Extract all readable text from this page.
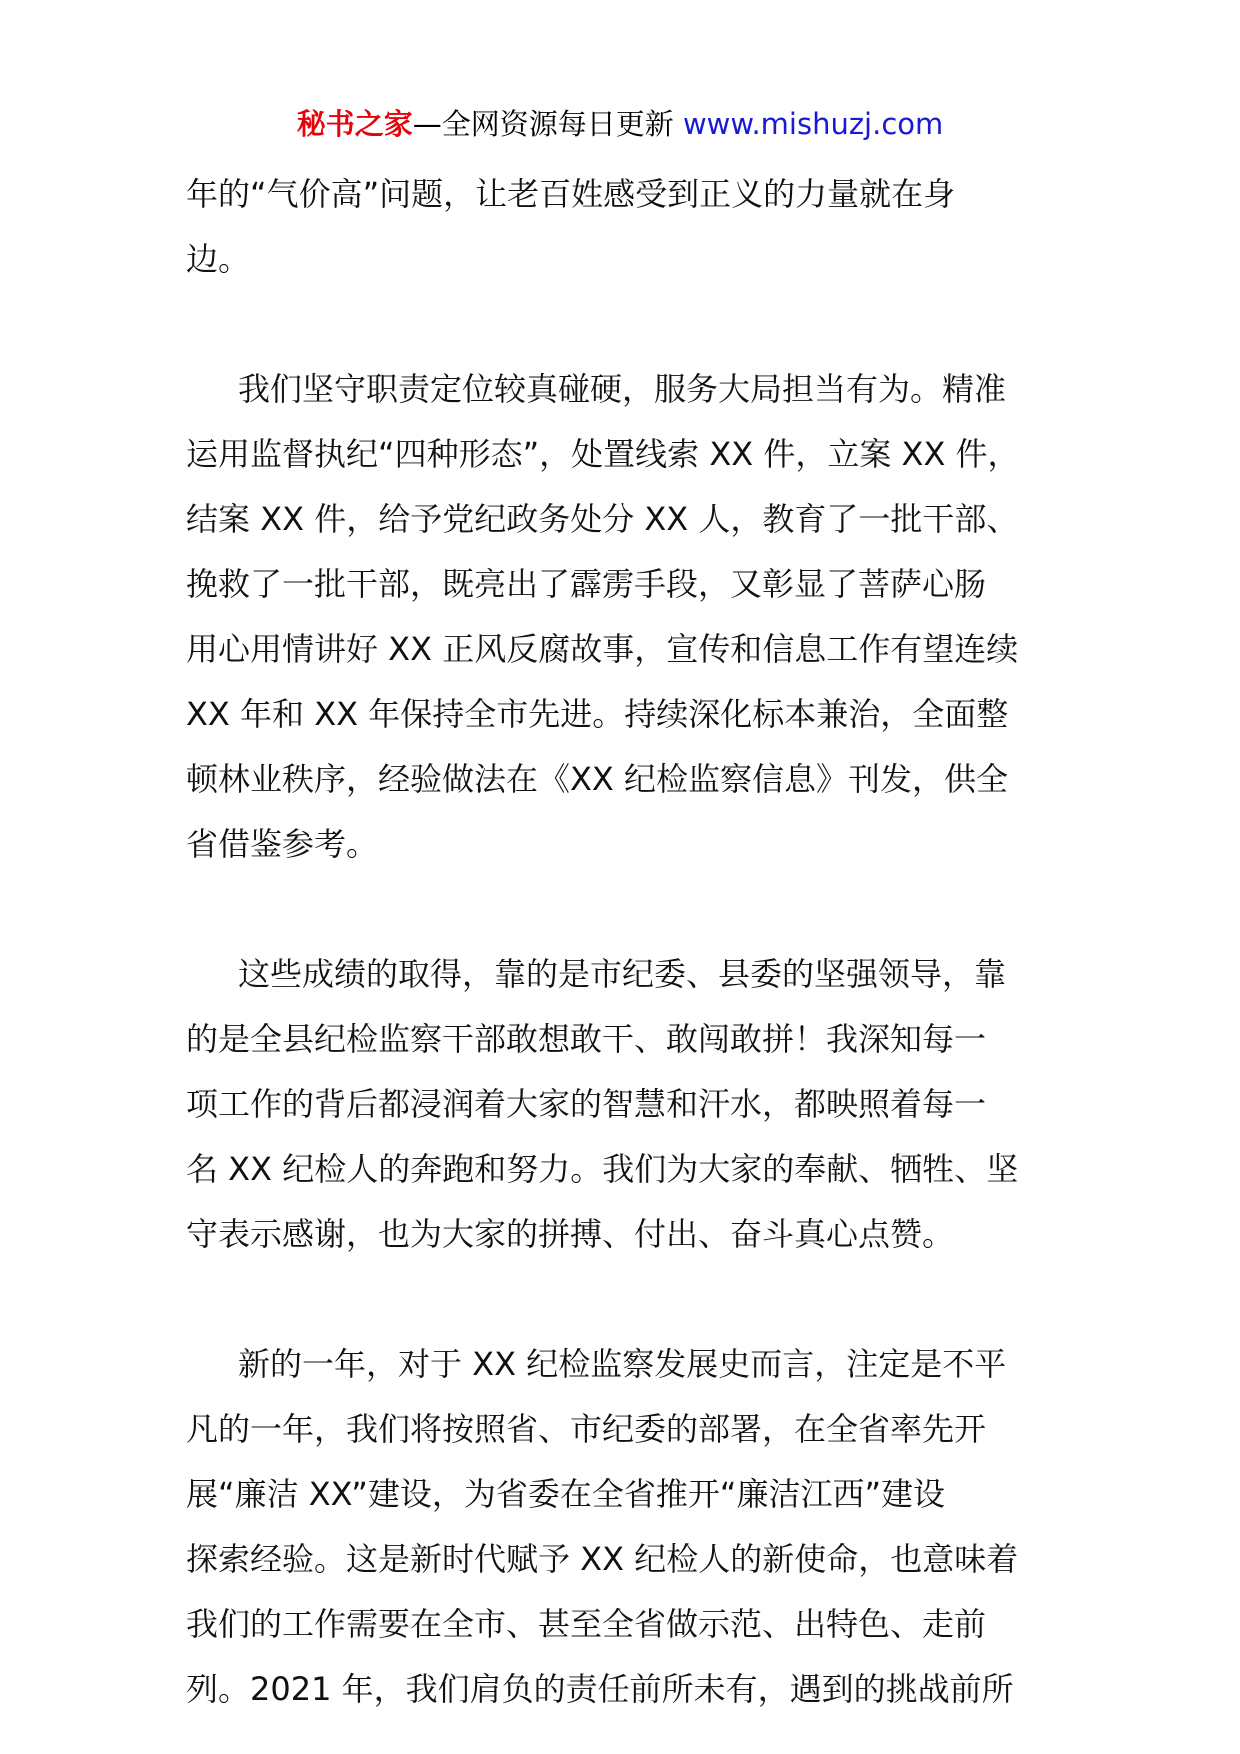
秘书之家—全网资源每日更新 www.mishuzj.com
年的“气价高”问题，让老百姓感受到正义的力量就在身
边。
我们坚守职责定位较真碰硬，服务大局担当有为。精准
运用监督执纪“四种形态”，处置线索 XX 件，立案 XX 件，
结案 XX 件，给予党纪政务处分 XX 人，教育了一批干部、
挽救了一批干部，既亮出了霹雳手段，又彰显了菩萨心肠
用心用情讲好 XX 正风反腐故事，宣传和信息工作有望连续
XX 年和 XX 年保持全市先进。持续深化标本兼治，全面整
顿林业秩序，经验做法在《XX 纪检监察信息》刊发，供全
省借鉴参考。
这些成绩的取得，靠的是市纪委、县委的坚强领导，靠
的是全县纪检监察干部敢想敢干、敢闯敢拼！我深知每一
项工作的背后都浸润着大家的智慧和汗水，都映照着每一
名 XX 纪检人的奔跑和努力。我们为大家的奉献、牺牲、坚
守表示感谢，也为大家的拼搏、付出、奋斗真心点赞。
新的一年，对于 XX 纪检监察发展史而言，注定是不平
凡的一年，我们将按照省、市纪委的部署，在全省率先开
展“廉洁 XX”建设，为省委在全省推开“廉洁江西”建设
探索经验。这是新时代赋予 XX 纪检人的新使命，也意味着
我们的工作需要在全市、甚至全省做示范、出特色、走前
列。2021 年，我们肩负的责任前所未有，遇到的挑战前所
